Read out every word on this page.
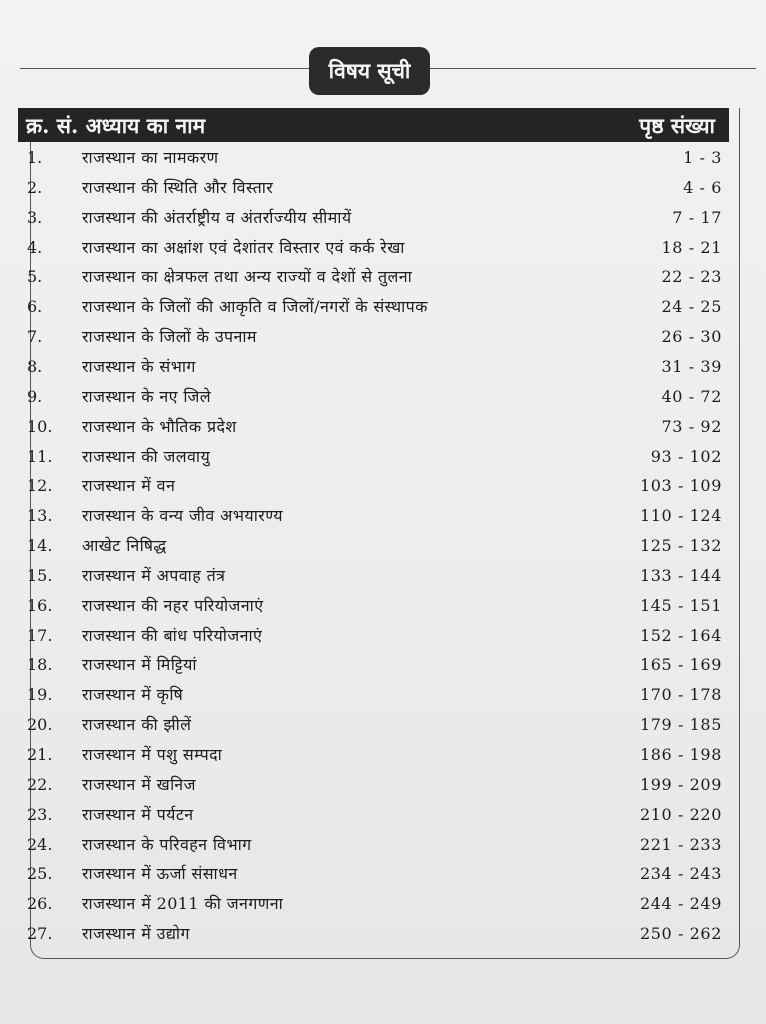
विषय सूची
क्र. सं. अध्याय का नाम	पृष्ठ संख्या
1. राजस्थान का नामकरण	1 - 3
2. राजस्थान की स्थिति और विस्तार	4 - 6
3. राजस्थान की अंतर्राष्ट्रीय व अंतर्राज्यीय सीमायें	7 - 17
4. राजस्थान का अक्षांश एवं देशांतर विस्तार एवं कर्क रेखा	18 - 21
5. राजस्थान का क्षेत्रफल तथा अन्य राज्यों व देशों से तुलना	22 - 23
6. राजस्थान के जिलों की आकृति व जिलों/नगरों के संस्थापक	24 - 25
7. राजस्थान के जिलों के उपनाम	26 - 30
8. राजस्थान के संभाग	31 - 39
9. राजस्थान के नए जिले	40 - 72
10. राजस्थान के भौतिक प्रदेश	73 - 92
11. राजस्थान की जलवायु	93 - 102
12. राजस्थान में वन	103 - 109
13. राजस्थान के वन्य जीव अभयारण्य	110 - 124
14. आखेट निषिद्ध	125 - 132
15. राजस्थान में अपवाह तंत्र	133 - 144
16. राजस्थान की नहर परियोजनाएं	145 - 151
17. राजस्थान की बांध परियोजनाएं	152 - 164
18. राजस्थान में मिट्टियां	165 - 169
19. राजस्थान में कृषि	170 - 178
20. राजस्थान की झीलें	179 - 185
21. राजस्थान में पशु सम्पदा	186 - 198
22. राजस्थान में खनिज	199 - 209
23. राजस्थान में पर्यटन	210 - 220
24. राजस्थान के परिवहन विभाग	221 - 233
25. राजस्थान में ऊर्जा संसाधन	234 - 243
26. राजस्थान में 2011 की जनगणना	244 - 249
27. राजस्थान में उद्योग	250 - 262
